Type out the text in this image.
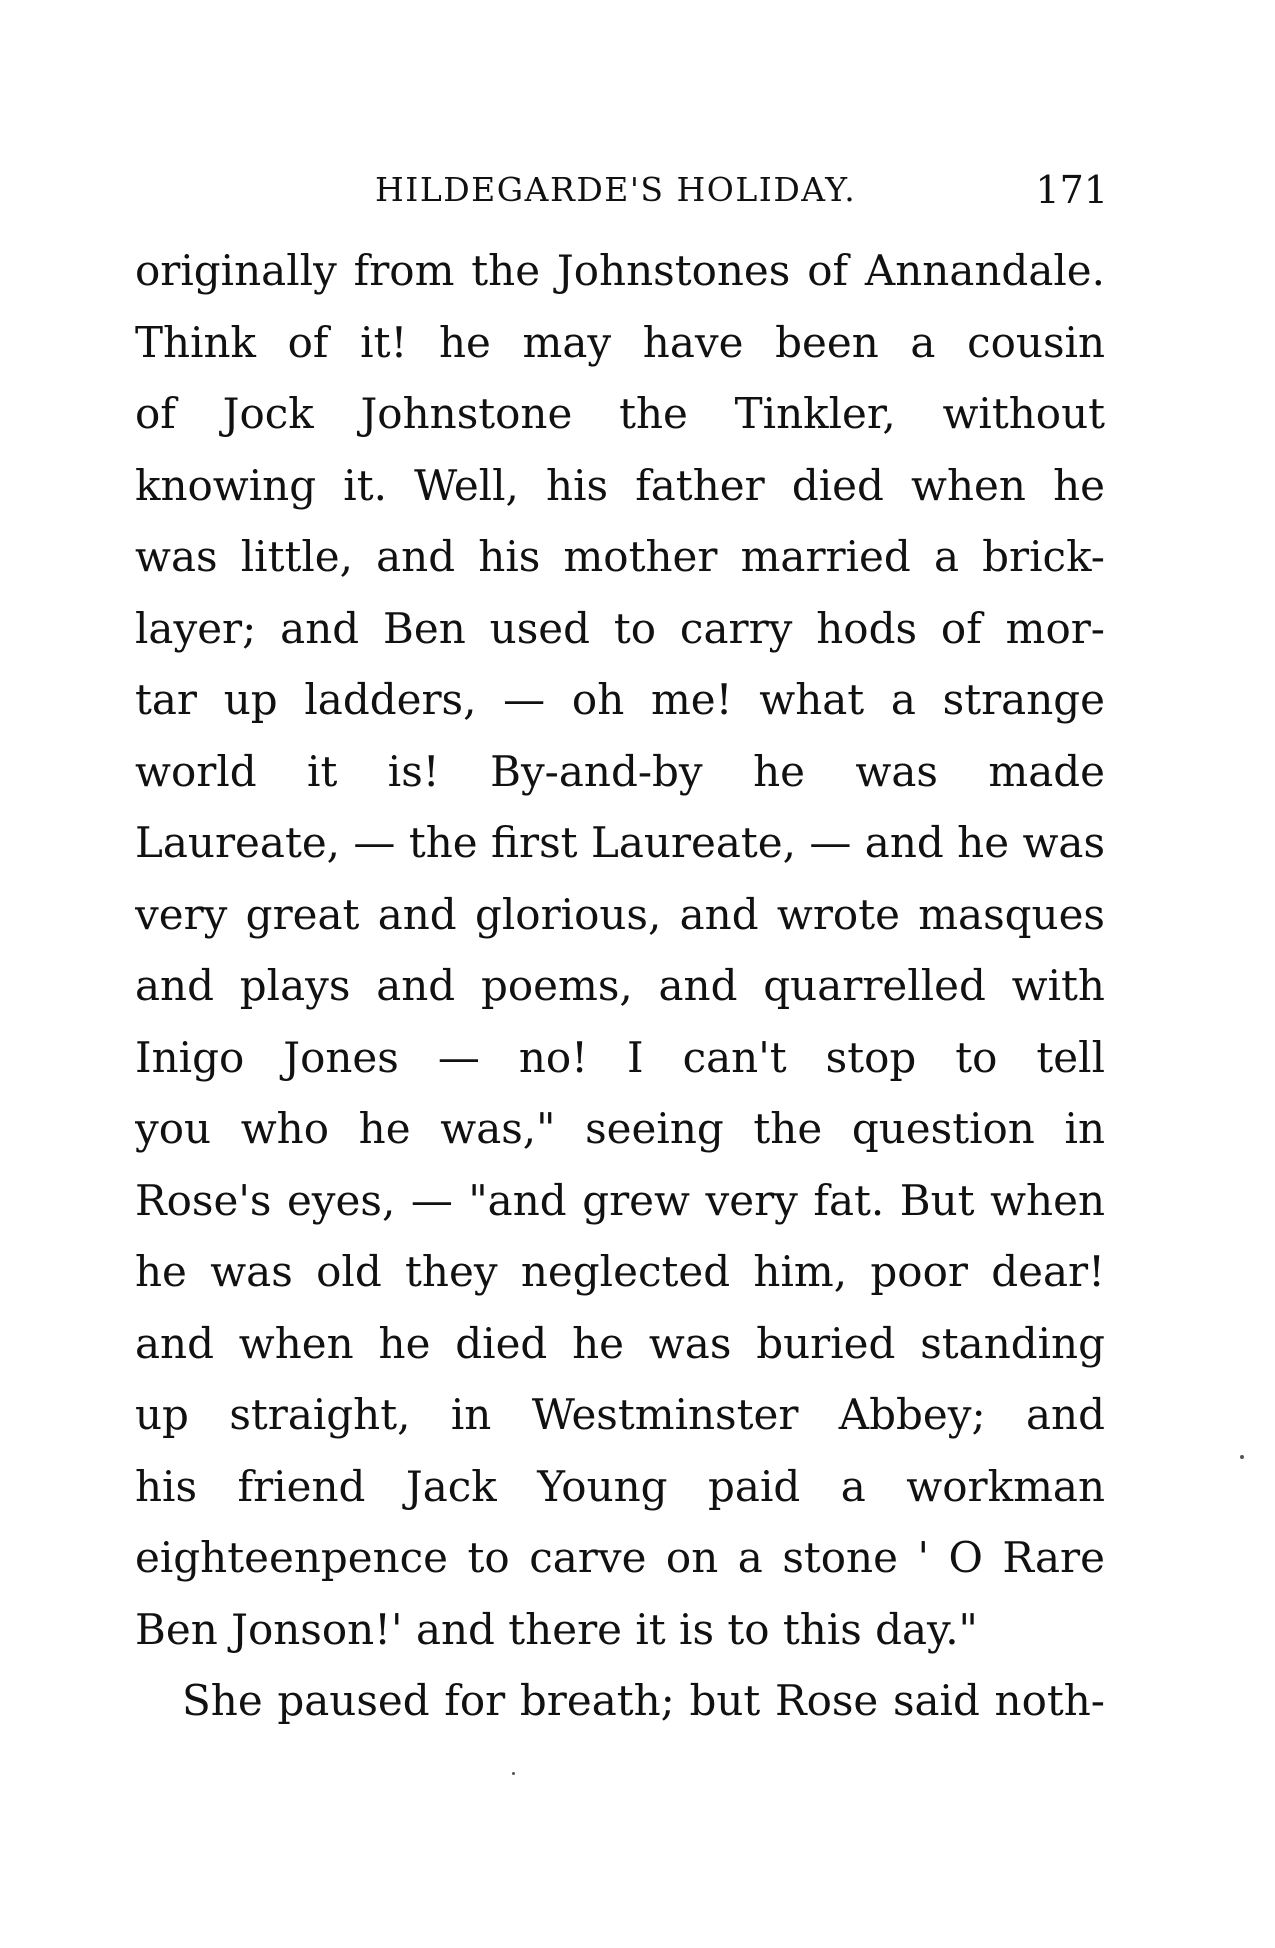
HILDEGARDE'S HOLIDAY.	171
originally from the Johnstones of Annandale.
Think of it! he may have been a cousin
of Jock Johnstone the Tinkler, without
knowing it. Well, his father died when he
was little, and his mother married a brick-
layer; and Ben used to carry hods of mor-
tar up ladders, — oh me! what a strange
world it is! By-and-by he was made
Laureate, — the first Laureate, — and he was
very great and glorious, and wrote masques
and plays and poems, and quarrelled with
Inigo Jones — no! I can't stop to tell
you who he was," seeing the question in
Rose's eyes, — "and grew very fat. But when
he was old they neglected him, poor dear!
and when he died he was buried standing
up straight, in Westminster Abbey; and
his friend Jack Young paid a workman
eighteenpence to carve on a stone ' O Rare
Ben Jonson!' and there it is to this day."
She paused for breath; but Rose said noth-
